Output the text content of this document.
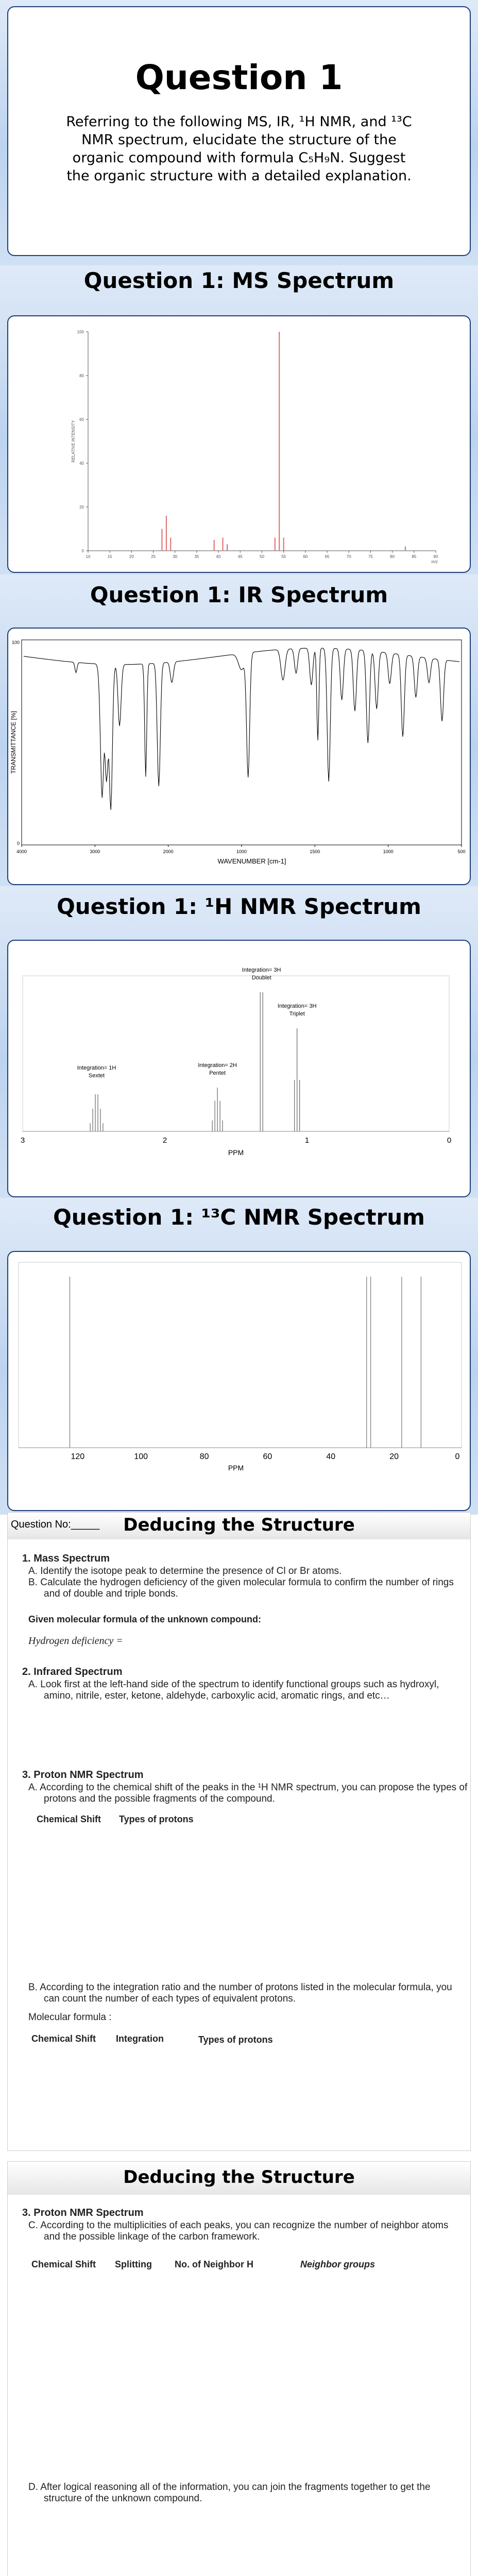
Question 1
Referring to the following MS, IR, ¹H NMR, and ¹³C
NMR spectrum, elucidate the structure of the
organic compound with formula C₅H₉N. Suggest
the organic structure with a detailed explanation.
Question 1: MS Spectrum
0
20
40
60
80
100
10	15	20	25	30	35	40	45	50	55	60	65	70	75	80	85	90
RELATIVE INTENSITY
m/z
Question 1: IR Spectrum
4000	3000	2000	1000	1500	1000	500
100
0
TRANSMITTANCE [%]
WAVENUMBER [cm-1]
Question 1: ¹H NMR Spectrum
3	2	1	0
PPM
Integration= 1H
Sextet
Integration= 2H
Pentet
Integration= 3H
Doublet
Integration= 3H
Triplet
Question 1: ¹³C NMR Spectrum
120	100	80	60	40	20	0
PPM
Question No:_____	Deducing the Structure
1. Mass Spectrum
A. Identify the isotope peak to determine the presence of Cl or Br atoms.
B. Calculate the hydrogen deficiency of the given molecular formula to confirm the number of rings
and of double and triple bonds.
Given molecular formula of the unknown compound:
Hydrogen deficiency =
2. Infrared Spectrum
A. Look first at the left-hand side of the spectrum to identify functional groups such as hydroxyl,
amino, nitrile, ester, ketone, aldehyde, carboxylic acid, aromatic rings, and etc…
3. Proton NMR Spectrum
A. According to the chemical shift of the peaks in the ¹H NMR spectrum, you can propose the types of
protons and the possible fragments of the compound.
Chemical Shift Types of protons
B. According to the integration ratio and the number of protons listed in the molecular formula, you
can count the number of each types of equivalent protons.
Molecular formula :
Chemical Shift Integration	Types of protons
Deducing the Structure
3. Proton NMR Spectrum
C. According to the multiplicities of each peaks, you can recognize the number of neighbor atoms
and the possible linkage of the carbon framework.
Chemical Shift Splitting No. of Neighbor H	Neighbor groups
D. After logical reasoning all of the information, you can join the fragments together to get the
structure of the unknown compound.
